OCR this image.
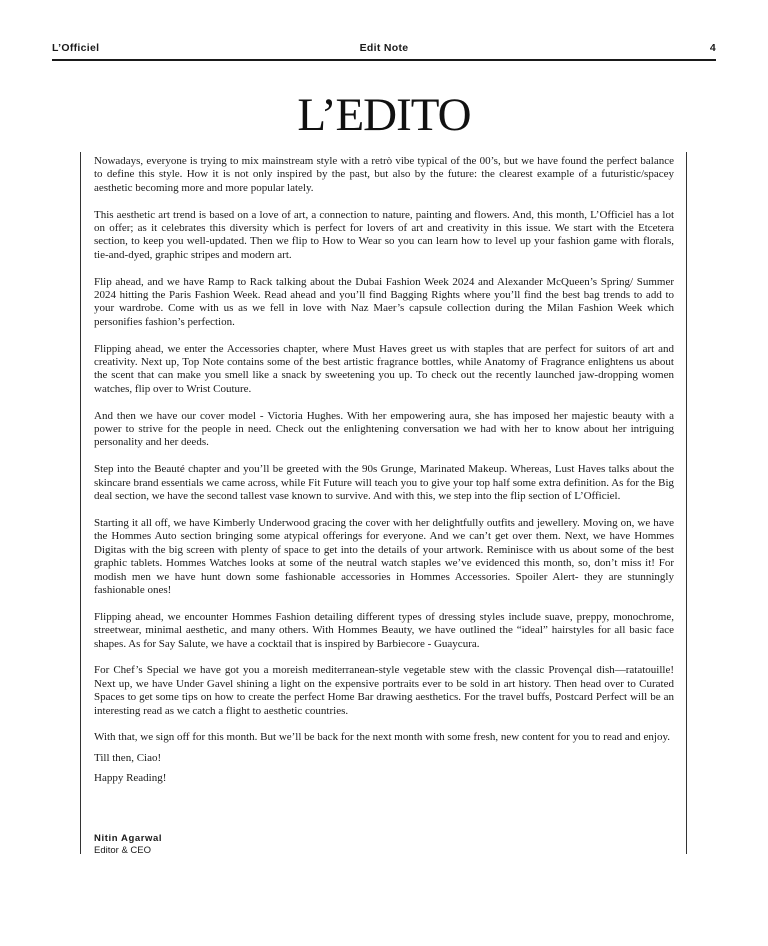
L’Officiel	Edit Note	4
L’EDITO

Nowadays, everyone is trying to mix mainstream style with a retrò vibe typical of the 00’s, but we have found the perfect balance to define this style. How it is not only inspired by the past, but also by the future: the clearest example of a futuristic/spacey aesthetic becoming more and more popular lately.

This aesthetic art trend is based on a love of art, a connection to nature, painting and flowers. And, this month, L’Officiel has a lot on offer; as it celebrates this diversity which is perfect for lovers of art and creativity in this issue. We start with the Etcetera section, to keep you well-updated. Then we flip to How to Wear so you can learn how to level up your fashion game with florals, tie-and-dyed, graphic stripes and modern art.

Flip ahead, and we have Ramp to Rack talking about the Dubai Fashion Week 2024 and Alexander McQueen’s Spring/ Summer 2024 hitting the Paris Fashion Week. Read ahead and you’ll find Bagging Rights where you’ll find the best bag trends to add to your wardrobe. Come with us as we fell in love with Naz Maer’s capsule collection during the Milan Fashion Week which personifies fashion’s perfection.

Flipping ahead, we enter the Accessories chapter, where Must Haves greet us with staples that are perfect for suitors of art and creativity. Next up, Top Note contains some of the best artistic fragrance bottles, while Anatomy of Fragrance enlightens us about the scent that can make you smell like a snack by sweetening you up. To check out the recently launched jaw-dropping women watches, flip over to Wrist Couture.

And then we have our cover model - Victoria Hughes. With her empowering aura, she has imposed her majestic beauty with a power to strive for the people in need. Check out the enlightening conversation we had with her to know about her intriguing personality and her deeds.

Step into the Beauté chapter and you’ll be greeted with the 90s Grunge, Marinated Makeup. Whereas, Lust Haves talks about the skincare brand essentials we came across, while Fit Future will teach you to give your top half some extra definition. As for the Big deal section, we have the second tallest vase known to survive. And with this, we step into the flip section of L’Officiel.

Starting it all off, we have Kimberly Underwood gracing the cover with her delightfully outfits and jewellery. Moving on, we have the Hommes Auto section bringing some atypical offerings for everyone. And we can’t get over them. Next, we have Hommes Digitas with the big screen with plenty of space to get into the details of your artwork. Reminisce with us about some of the best graphic tablets. Hommes Watches looks at some of the neutral watch staples we’ve evidenced this month, so, don’t miss it! For modish men we have hunt down some fashionable accessories in Hommes Accessories. Spoiler Alert- they are stunningly fashionable ones!

Flipping ahead, we encounter Hommes Fashion detailing different types of dressing styles include suave, preppy, monochrome, streetwear, minimal aesthetic, and many others. With Hommes Beauty, we have outlined the “ideal” hairstyles for all basic face shapes. As for Say Salute, we have a cocktail that is inspired by Barbiecore - Guaycura.

For Chef’s Special we have got you a moreish mediterranean-style vegetable stew with the classic Provençal dish—ratatouille! Next up, we have Under Gavel shining a light on the expensive portraits ever to be sold in art history. Then head over to Curated Spaces to get some tips on how to create the perfect Home Bar drawing aesthetics. For the travel buffs, Postcard Perfect will be an interesting read as we catch a flight to aesthetic countries.

With that, we sign off for this month. But we’ll be back for the next month with some fresh, new content for you to read and enjoy.

Till then, Ciao!

Happy Reading!

Nitin Agarwal
Editor & CEO
